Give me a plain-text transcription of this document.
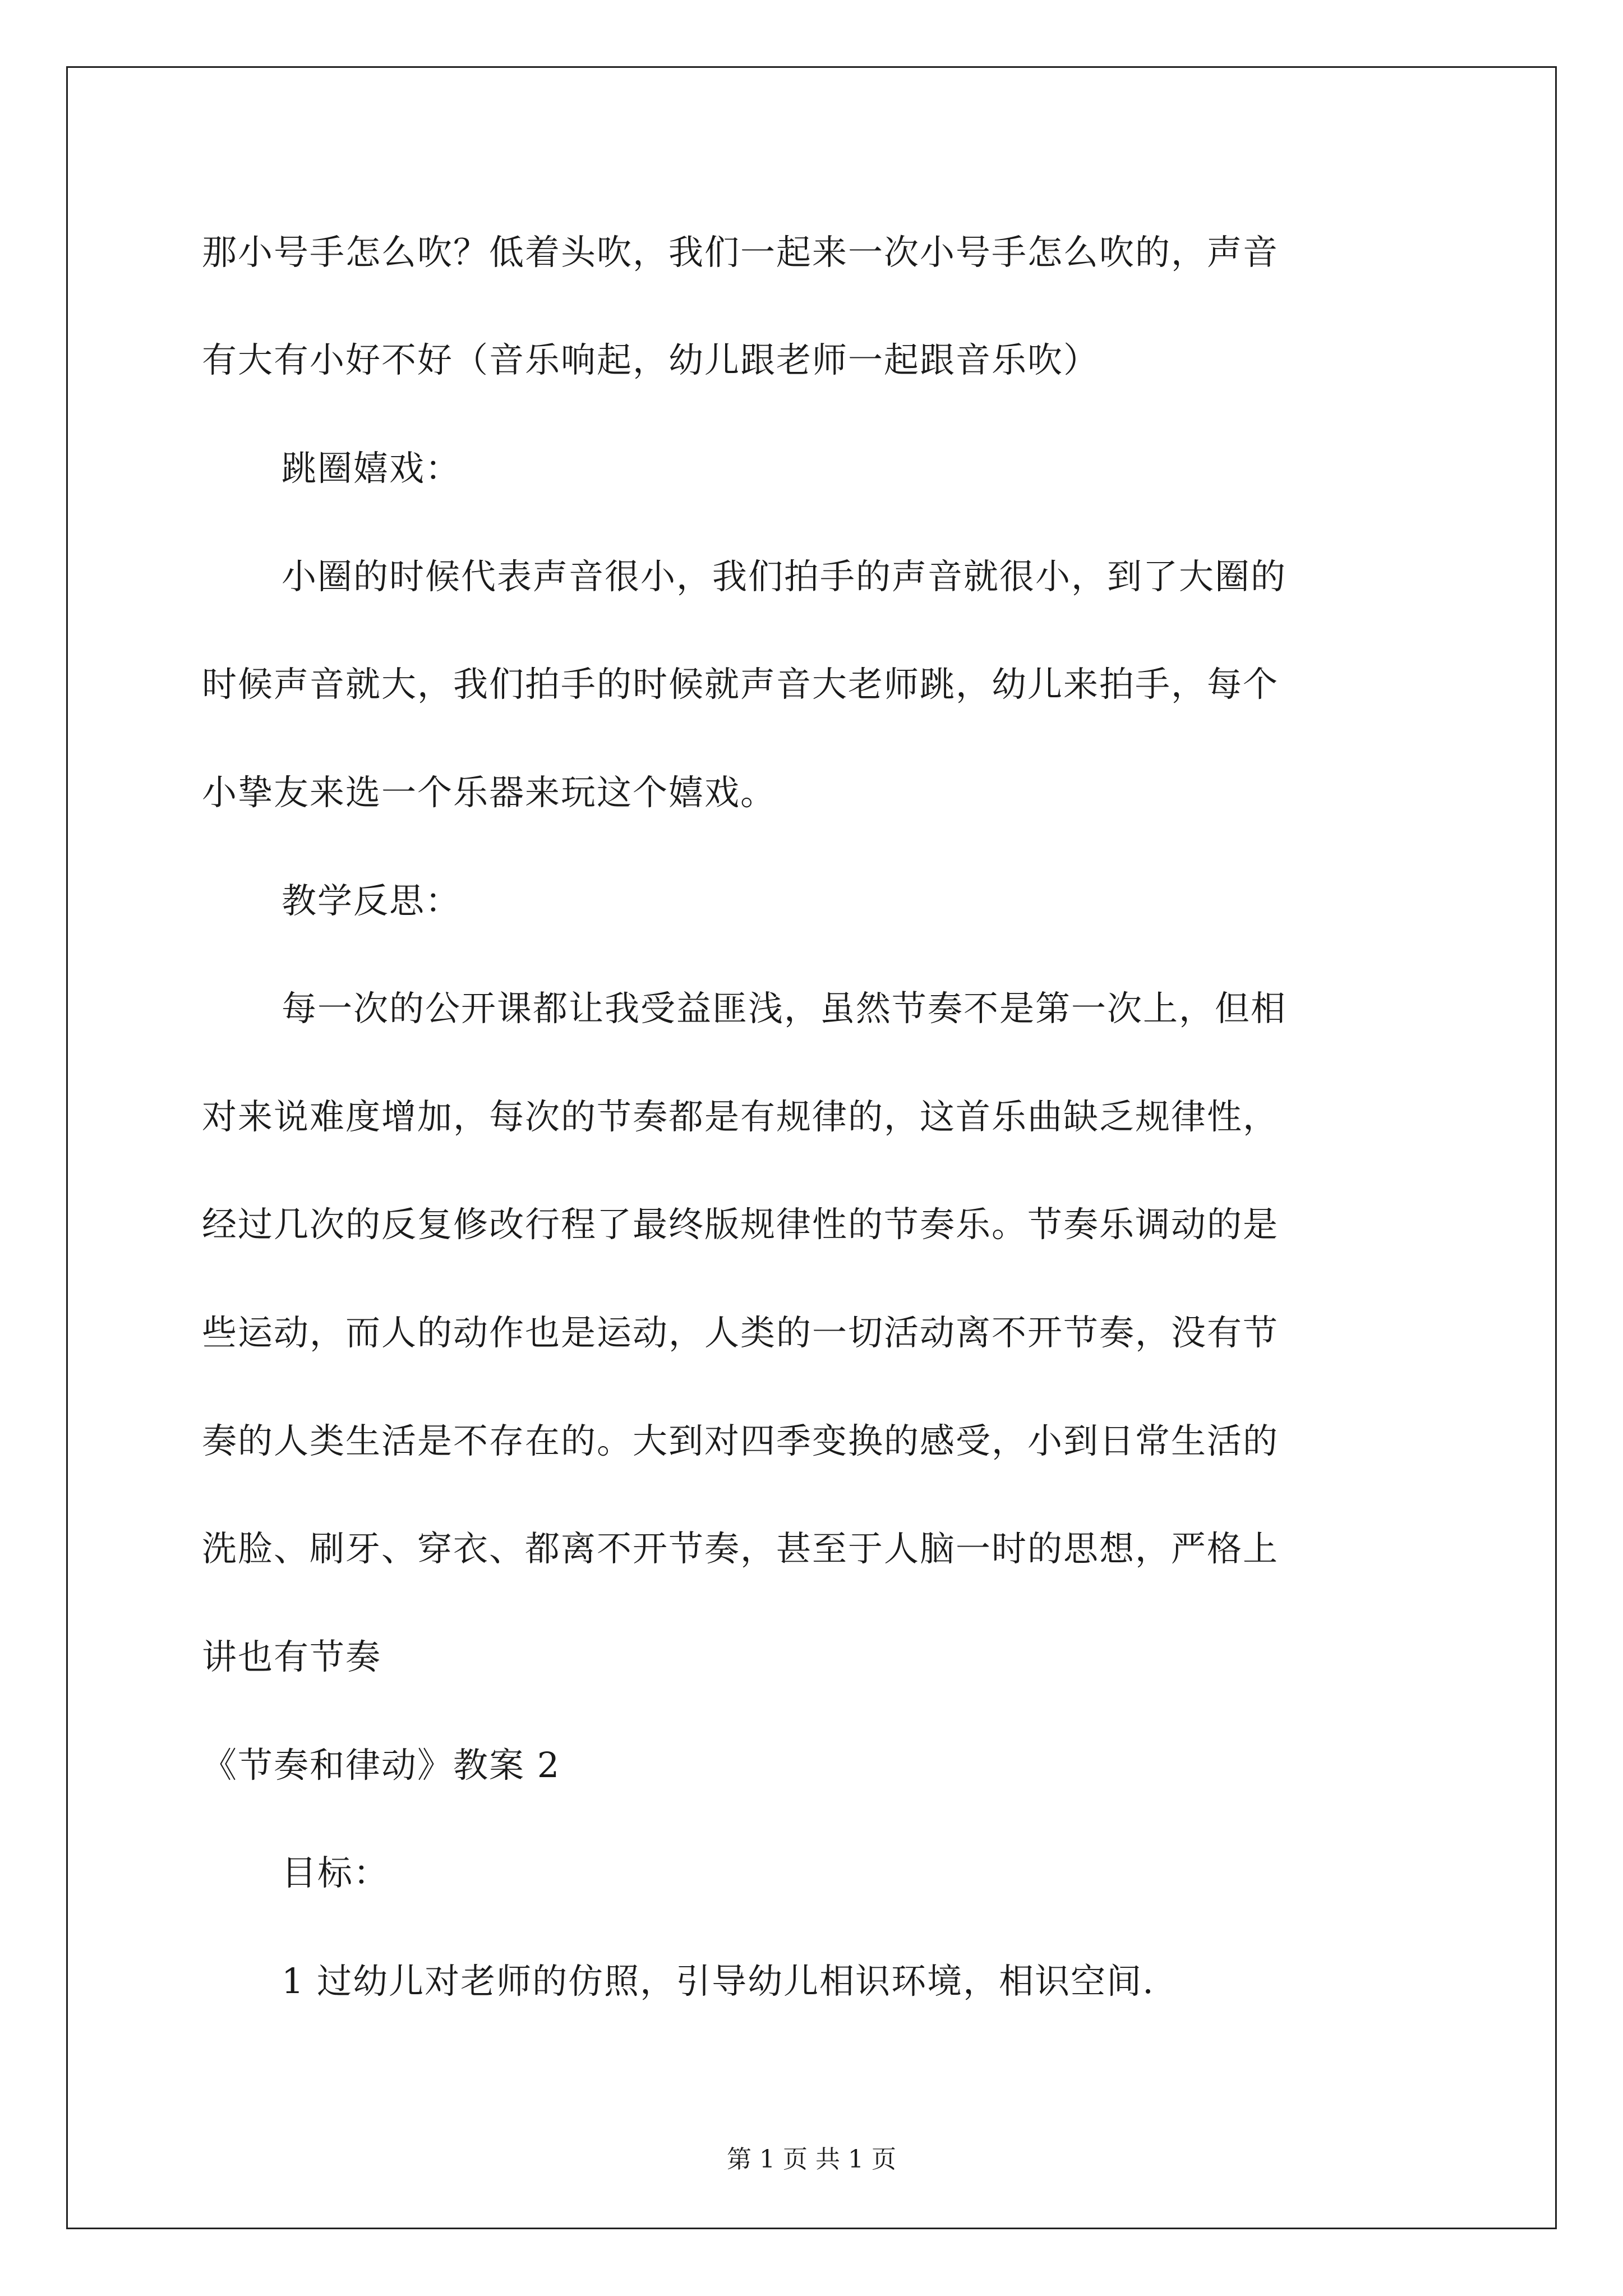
那小号手怎么吹？低着头吹，我们一起来一次小号手怎么吹的，声音
有大有小好不好（音乐响起，幼儿跟老师一起跟音乐吹）
跳圈嬉戏：
小圈的时候代表声音很小，我们拍手的声音就很小，到了大圈的
时候声音就大，我们拍手的时候就声音大老师跳，幼儿来拍手，每个
小挚友来选一个乐器来玩这个嬉戏。
教学反思：
每一次的公开课都让我受益匪浅，虽然节奏不是第一次上，但相
对来说难度增加，每次的节奏都是有规律的，这首乐曲缺乏规律性，
经过几次的反复修改行程了最终版规律性的节奏乐。节奏乐调动的是
些运动，而人的动作也是运动，人类的一切活动离不开节奏，没有节
奏的人类生活是不存在的。大到对四季变换的感受，小到日常生活的
洗脸、刷牙、穿衣、都离不开节奏，甚至于人脑一时的思想，严格上
讲也有节奏
《节奏和律动》教案 2
目标：
1 过幼儿对老师的仿照，引导幼儿相识环境，相识空间.
第 1 页 共 1 页
